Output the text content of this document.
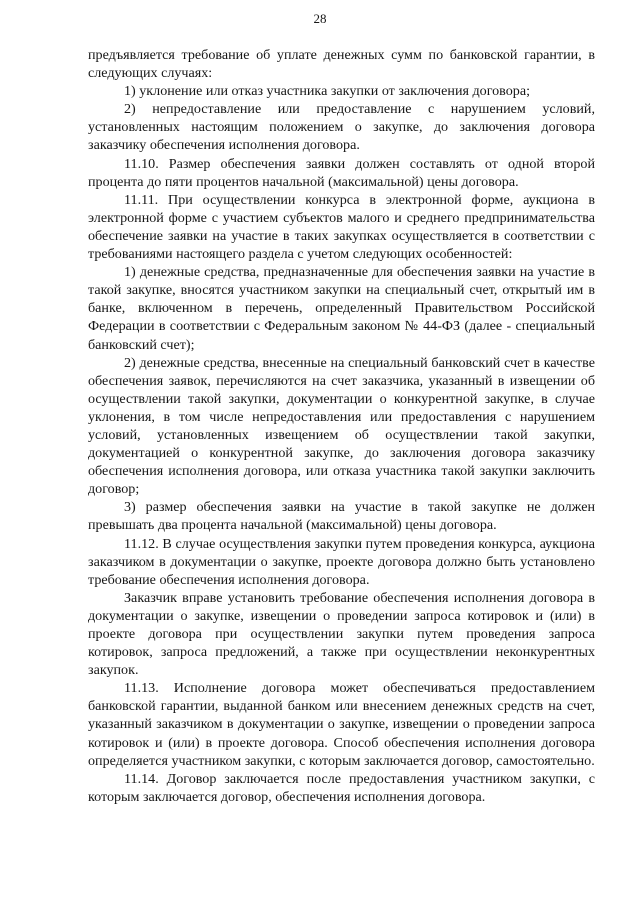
28

предъявляется требование об уплате денежных сумм по банковской гарантии, в следующих случаях:

1) уклонение или отказ участника закупки от заключения договора;

2) непредоставление или предоставление с нарушением условий, установленных настоящим положением о закупке, до заключения договора заказчику обеспечения исполнения договора.

11.10. Размер обеспечения заявки должен составлять от одной второй процента до пяти процентов начальной (максимальной) цены договора.

11.11. При осуществлении конкурса в электронной форме, аукциона в электронной форме с участием субъектов малого и среднего предпринимательства обеспечение заявки на участие в таких закупках осуществляется в соответствии с требованиями настоящего раздела с учетом следующих особенностей:

1) денежные средства, предназначенные для обеспечения заявки на участие в такой закупке, вносятся участником закупки на специальный счет, открытый им в банке, включенном в перечень, определенный Правительством Российской Федерации в соответствии с Федеральным законом № 44-ФЗ (далее - специальный банковский счет);

2) денежные средства, внесенные на специальный банковский счет в качестве обеспечения заявок, перечисляются на счет заказчика, указанный в извещении об осуществлении такой закупки, документации о конкурентной закупке, в случае уклонения, в том числе непредоставления или предоставления с нарушением условий, установленных извещением об осуществлении такой закупки, документацией о конкурентной закупке, до заключения договора заказчику обеспечения исполнения договора, или отказа участника такой закупки заключить договор;

3) размер обеспечения заявки на участие в такой закупке не должен превышать два процента начальной (максимальной) цены договора.

11.12. В случае осуществления закупки путем проведения конкурса, аукциона заказчиком в документации о закупке, проекте договора должно быть установлено требование обеспечения исполнения договора.

Заказчик вправе установить требование обеспечения исполнения договора в документации о закупке, извещении о проведении запроса котировок и (или) в проекте договора при осуществлении закупки путем проведения запроса котировок, запроса предложений, а также при осуществлении неконкурентных закупок.

11.13. Исполнение договора может обеспечиваться предоставлением банковской гарантии, выданной банком или внесением денежных средств на счет, указанный заказчиком в документации о закупке, извещении о проведении запроса котировок и (или) в проекте договора. Способ обеспечения исполнения договора определяется участником закупки, с которым заключается договор, самостоятельно.

11.14. Договор заключается после предоставления участником закупки, с которым заключается договор, обеспечения исполнения договора.
